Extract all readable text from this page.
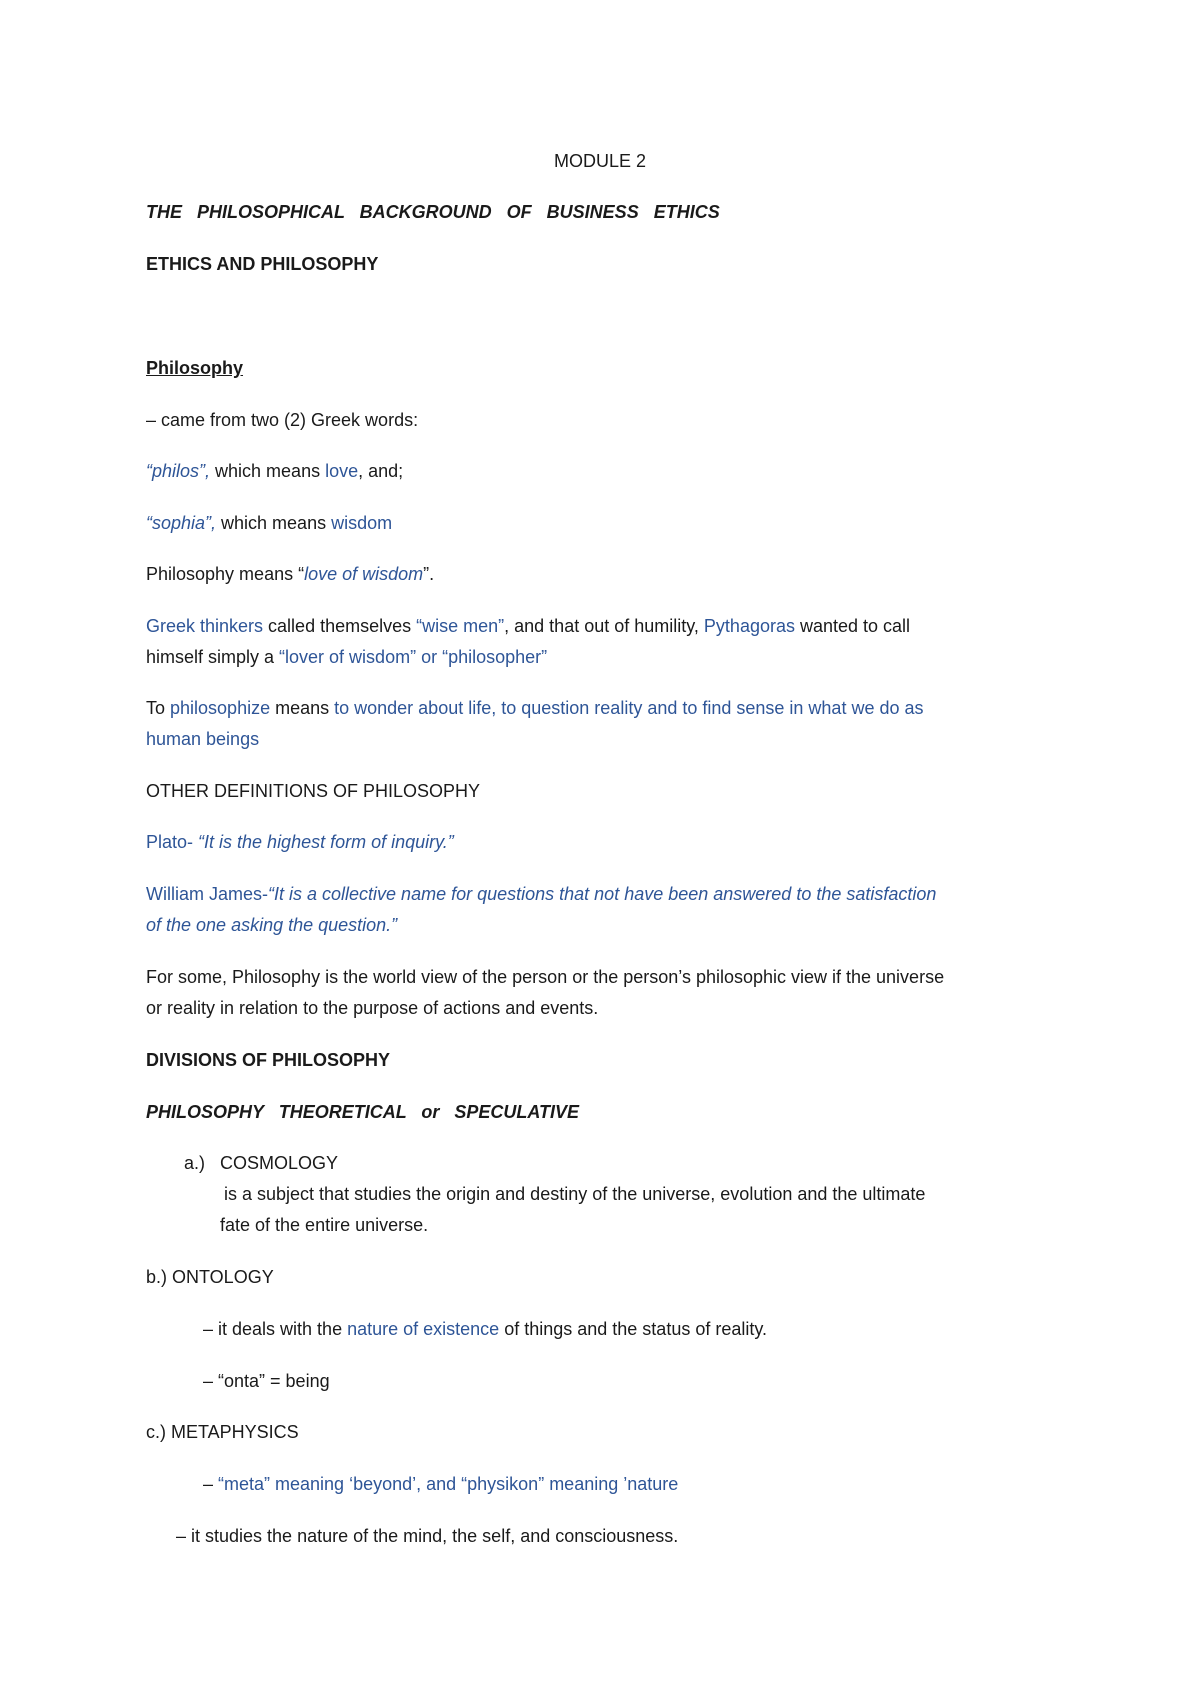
MODULE 2
THE PHILOSOPHICAL BACKGROUND OF BUSINESS ETHICS
ETHICS AND PHILOSOPHY
Philosophy
– came from two (2) Greek words:
“philos”, which means love, and;
“sophia”, which means wisdom
Philosophy means “love of wisdom”.
Greek thinkers called themselves “wise men”, and that out of humility, Pythagoras wanted to call
himself simply a “lover of wisdom” or “philosopher”
To philosophize means to wonder about life, to question reality and to find sense in what we do as
human beings
OTHER DEFINITIONS OF PHILOSOPHY
Plato- “It is the highest form of inquiry.”
William James-“It is a collective name for questions that not have been answered to the satisfaction
of the one asking the question.”
For some, Philosophy is the world view of the person or the person’s philosophic view if the universe
or reality in relation to the purpose of actions and events.
DIVISIONS OF PHILOSOPHY
PHILOSOPHY THEORETICAL or SPECULATIVE
a.) COSMOLOGY
is a subject that studies the origin and destiny of the universe, evolution and the ultimate
fate of the entire universe.
b.) ONTOLOGY
– it deals with the nature of existence of things and the status of reality.
– “onta” = being
c.) METAPHYSICS
– “meta” meaning ‘beyond’, and “physikon” meaning ’nature
– it studies the nature of the mind, the self, and consciousness.
